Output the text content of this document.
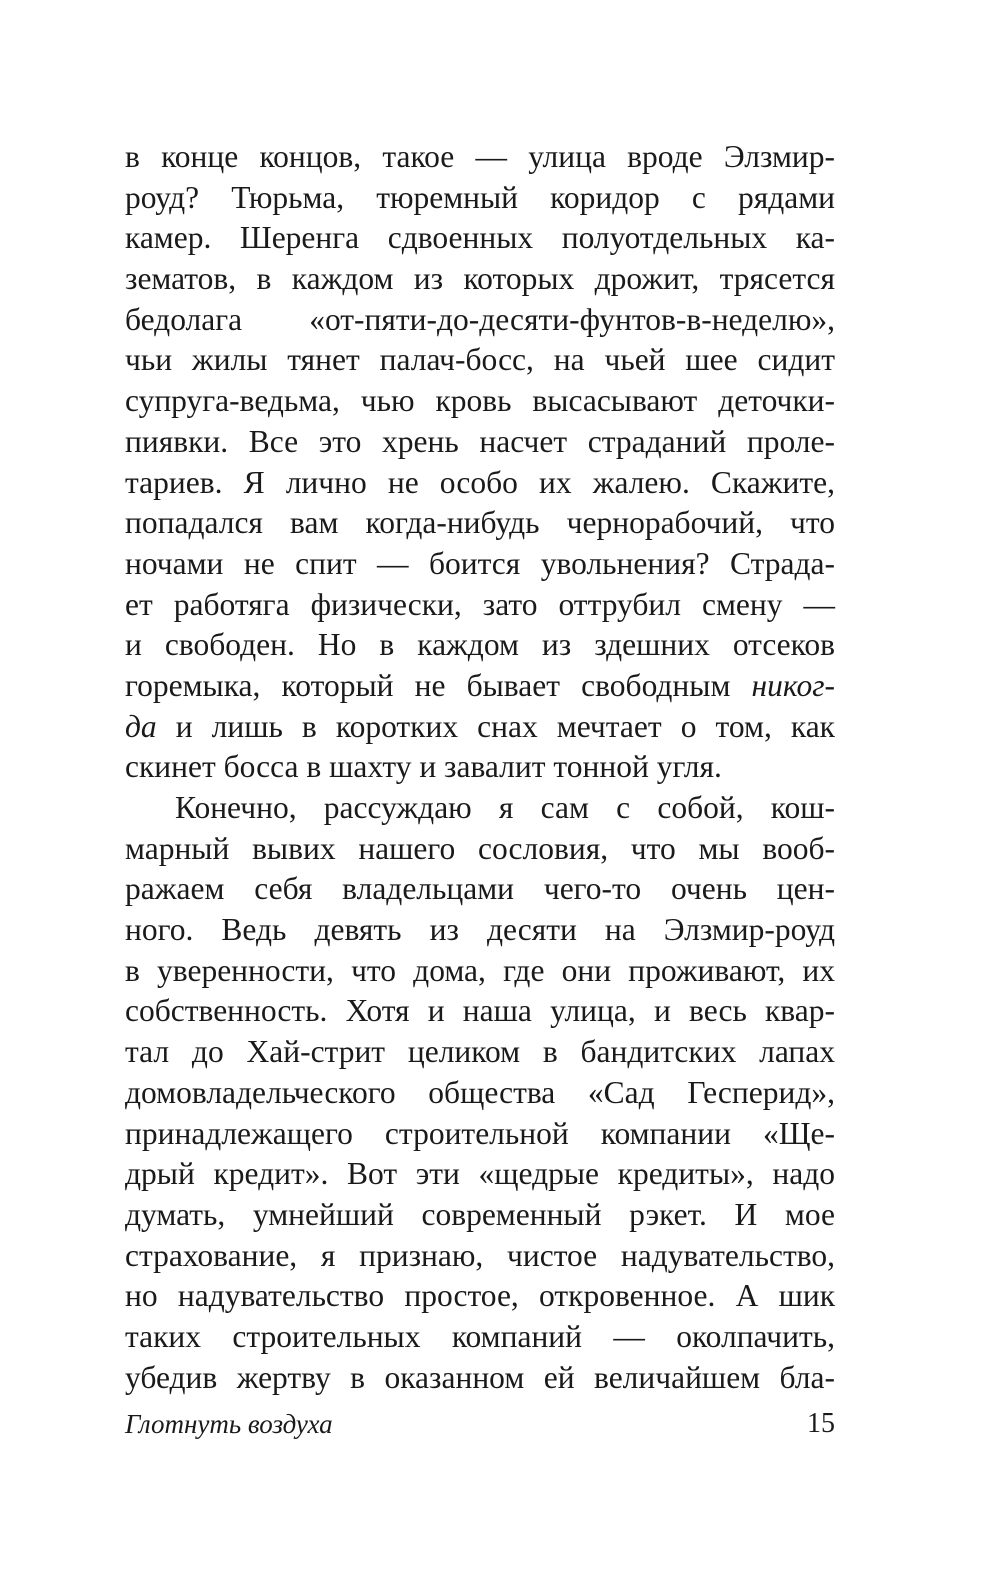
в конце концов, такое — улица вроде Элзмир-
роуд? Тюрьма, тюремный коридор с рядами
камер. Шеренга сдвоенных полуотдельных ка-
зематов, в каждом из которых дрожит, трясется
бедолага «от-пяти-до-десяти-фунтов-в-неделю»,
чьи жилы тянет палач-босс, на чьей шее сидит
супруга-ведьма, чью кровь высасывают деточки-
пиявки. Все это хрень насчет страданий проле-
тариев. Я лично не особо их жалею. Скажите,
попадался вам когда-нибудь чернорабочий, что
ночами не спит — боится увольнения? Страда-
ет работяга физически, зато оттрубил смену —
и свободен. Но в каждом из здешних отсеков
горемыка, который не бывает свободным никог-
да и лишь в коротких снах мечтает о том, как
скинет босса в шахту и завалит тонной угля.
Конечно, рассуждаю я сам с собой, кош-
марный вывих нашего сословия, что мы вооб-
ражаем себя владельцами чего-то очень цен-
ного. Ведь девять из десяти на Элзмир-роуд
в уверенности, что дома, где они проживают, их
собственность. Хотя и наша улица, и весь квар-
тал до Хай-стрит целиком в бандитских лапах
домовладельческого общества «Сад Гесперид»,
принадлежащего строительной компании «Щe-
дрый кредит». Вот эти «щедрые кредиты», надо
думать, умнейший современный рэкет. И мое
страхование, я признаю, чистое надувательство,
но надувательство простое, откровенное. А шик
таких строительных компаний — околпачить,
убедив жертву в оказанном ей величайшем бла-
Глотнуть воздуха	15
